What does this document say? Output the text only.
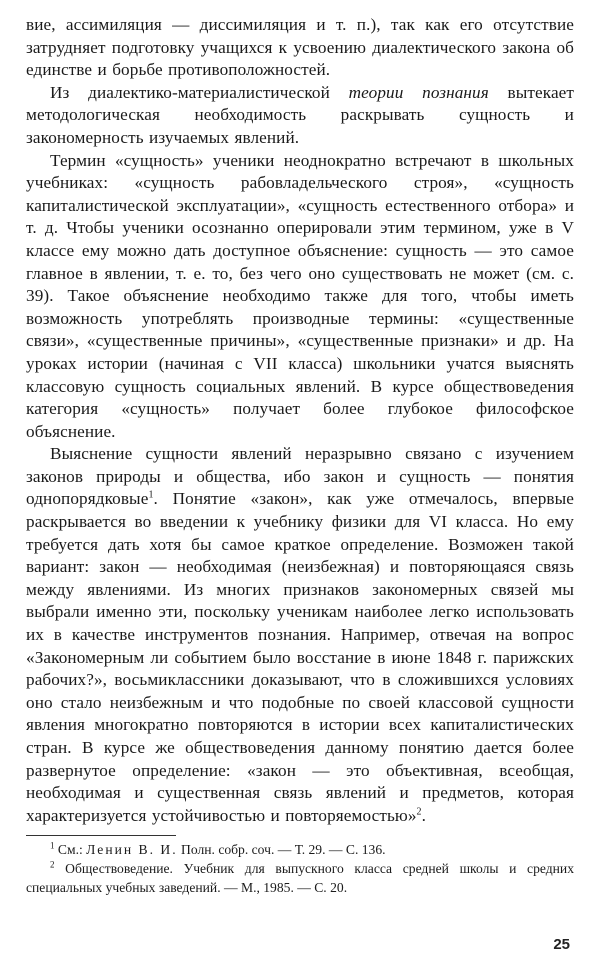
вие, ассимиляция — диссимиляция и т. п.), так как его отсутствие затрудняет подготовку учащихся к усвоению диалектического закона об единстве и борьбе противоположностей.

Из диалектико-материалистической теории познания вытекает методологическая необходимость раскрывать сущность и закономерность изучаемых явлений.

Термин «сущность» ученики неоднократно встречают в школьных учебниках: «сущность рабовладельческого строя», «сущность капиталистической эксплуатации», «сущность естественного отбора» и т. д. Чтобы ученики осознанно оперировали этим термином, уже в V классе ему можно дать доступное объяснение: сущность — это самое главное в явлении, т. е. то, без чего оно существовать не может (см. с. 39). Такое объяснение необходимо также для того, чтобы иметь возможность употреблять производные термины: «существенные связи», «существенные причины», «существенные признаки» и др. На уроках истории (начиная с VII класса) школьники учатся выяснять классовую сущность социальных явлений. В курсе обществоведения категория «сущность» получает более глубокое философское объяснение.

Выяснение сущности явлений неразрывно связано с изучением законов природы и общества, ибо закон и сущность — понятия однопорядковые$^1$. Понятие «закон», как уже отмечалось, впервые раскрывается во введении к учебнику физики для VI класса. Но ему требуется дать хотя бы самое краткое определение. Возможен такой вариант: закон — необходимая (неизбежная) и повторяющаяся связь между явлениями. Из многих признаков закономерных связей мы выбрали именно эти, поскольку ученикам наиболее легко использовать их в качестве инструментов познания. Например, отвечая на вопрос «Закономерным ли событием было восстание в июне 1848 г. парижских рабочих?», восьмиклассники доказывают, что в сложившихся условиях оно стало неизбежным и что подобные по своей классовой сущности явления многократно повторяются в истории всех капиталистических стран. В курсе же обществоведения данному понятию дается более развернутое определение: «закон — это объективная, всеобщая, необходимая и существенная связь явлений и предметов, которая характеризуется устойчивостью и повторяемостью»$^2$.

$^1$ См.: Ленин В. И. Полн. собр. соч. — Т. 29. — С. 136.

$^2$ Обществоведение. Учебник для выпускного класса средней школы и средних специальных учебных заведений. — М., 1985. — С. 20.

25
